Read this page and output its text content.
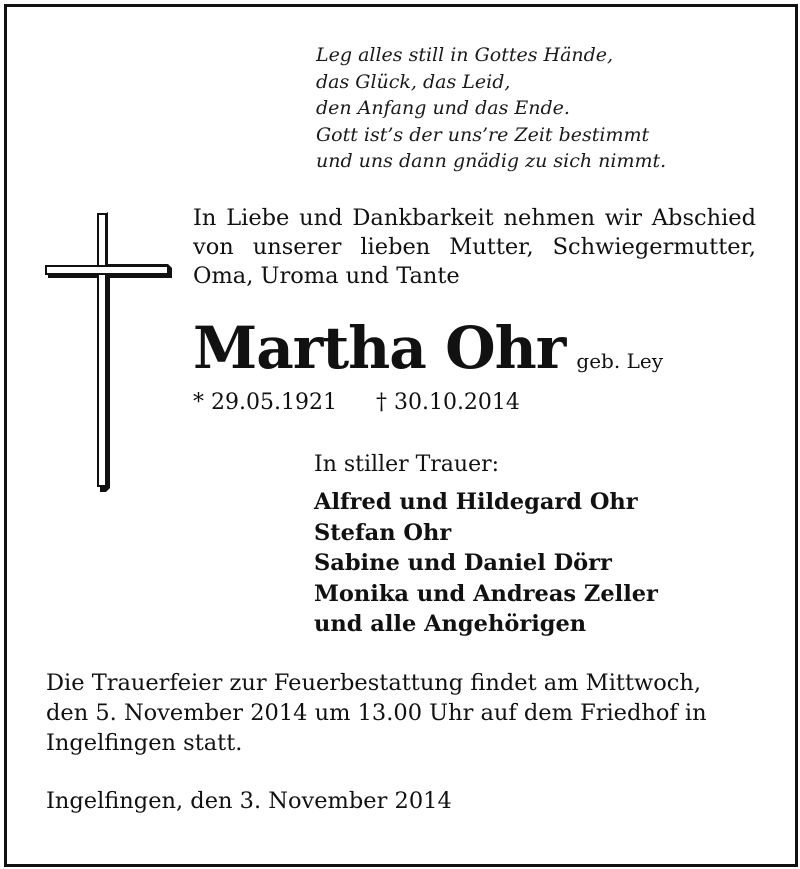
Leg alles still in Gottes Hände,
das Glück, das Leid,
den Anfang und das Ende.
Gott ist’s der uns’re Zeit bestimmt
und uns dann gnädig zu sich nimmt.
In Liebe und Dankbarkeit nehmen wir Abschied
von unserer lieben Mutter, Schwiegermutter,
Oma, Uroma und Tante
Martha Ohr geb. Ley
* 29.05.1921 † 30.10.2014
In stiller Trauer:
Alfred und Hildegard Ohr
Stefan Ohr
Sabine und Daniel Dörr
Monika und Andreas Zeller
und alle Angehörigen
Die Trauerfeier zur Feuerbestattung findet am Mittwoch,
den 5. November 2014 um 13.00 Uhr auf dem Friedhof in
Ingelfingen statt.
Ingelfingen, den 3. November 2014
